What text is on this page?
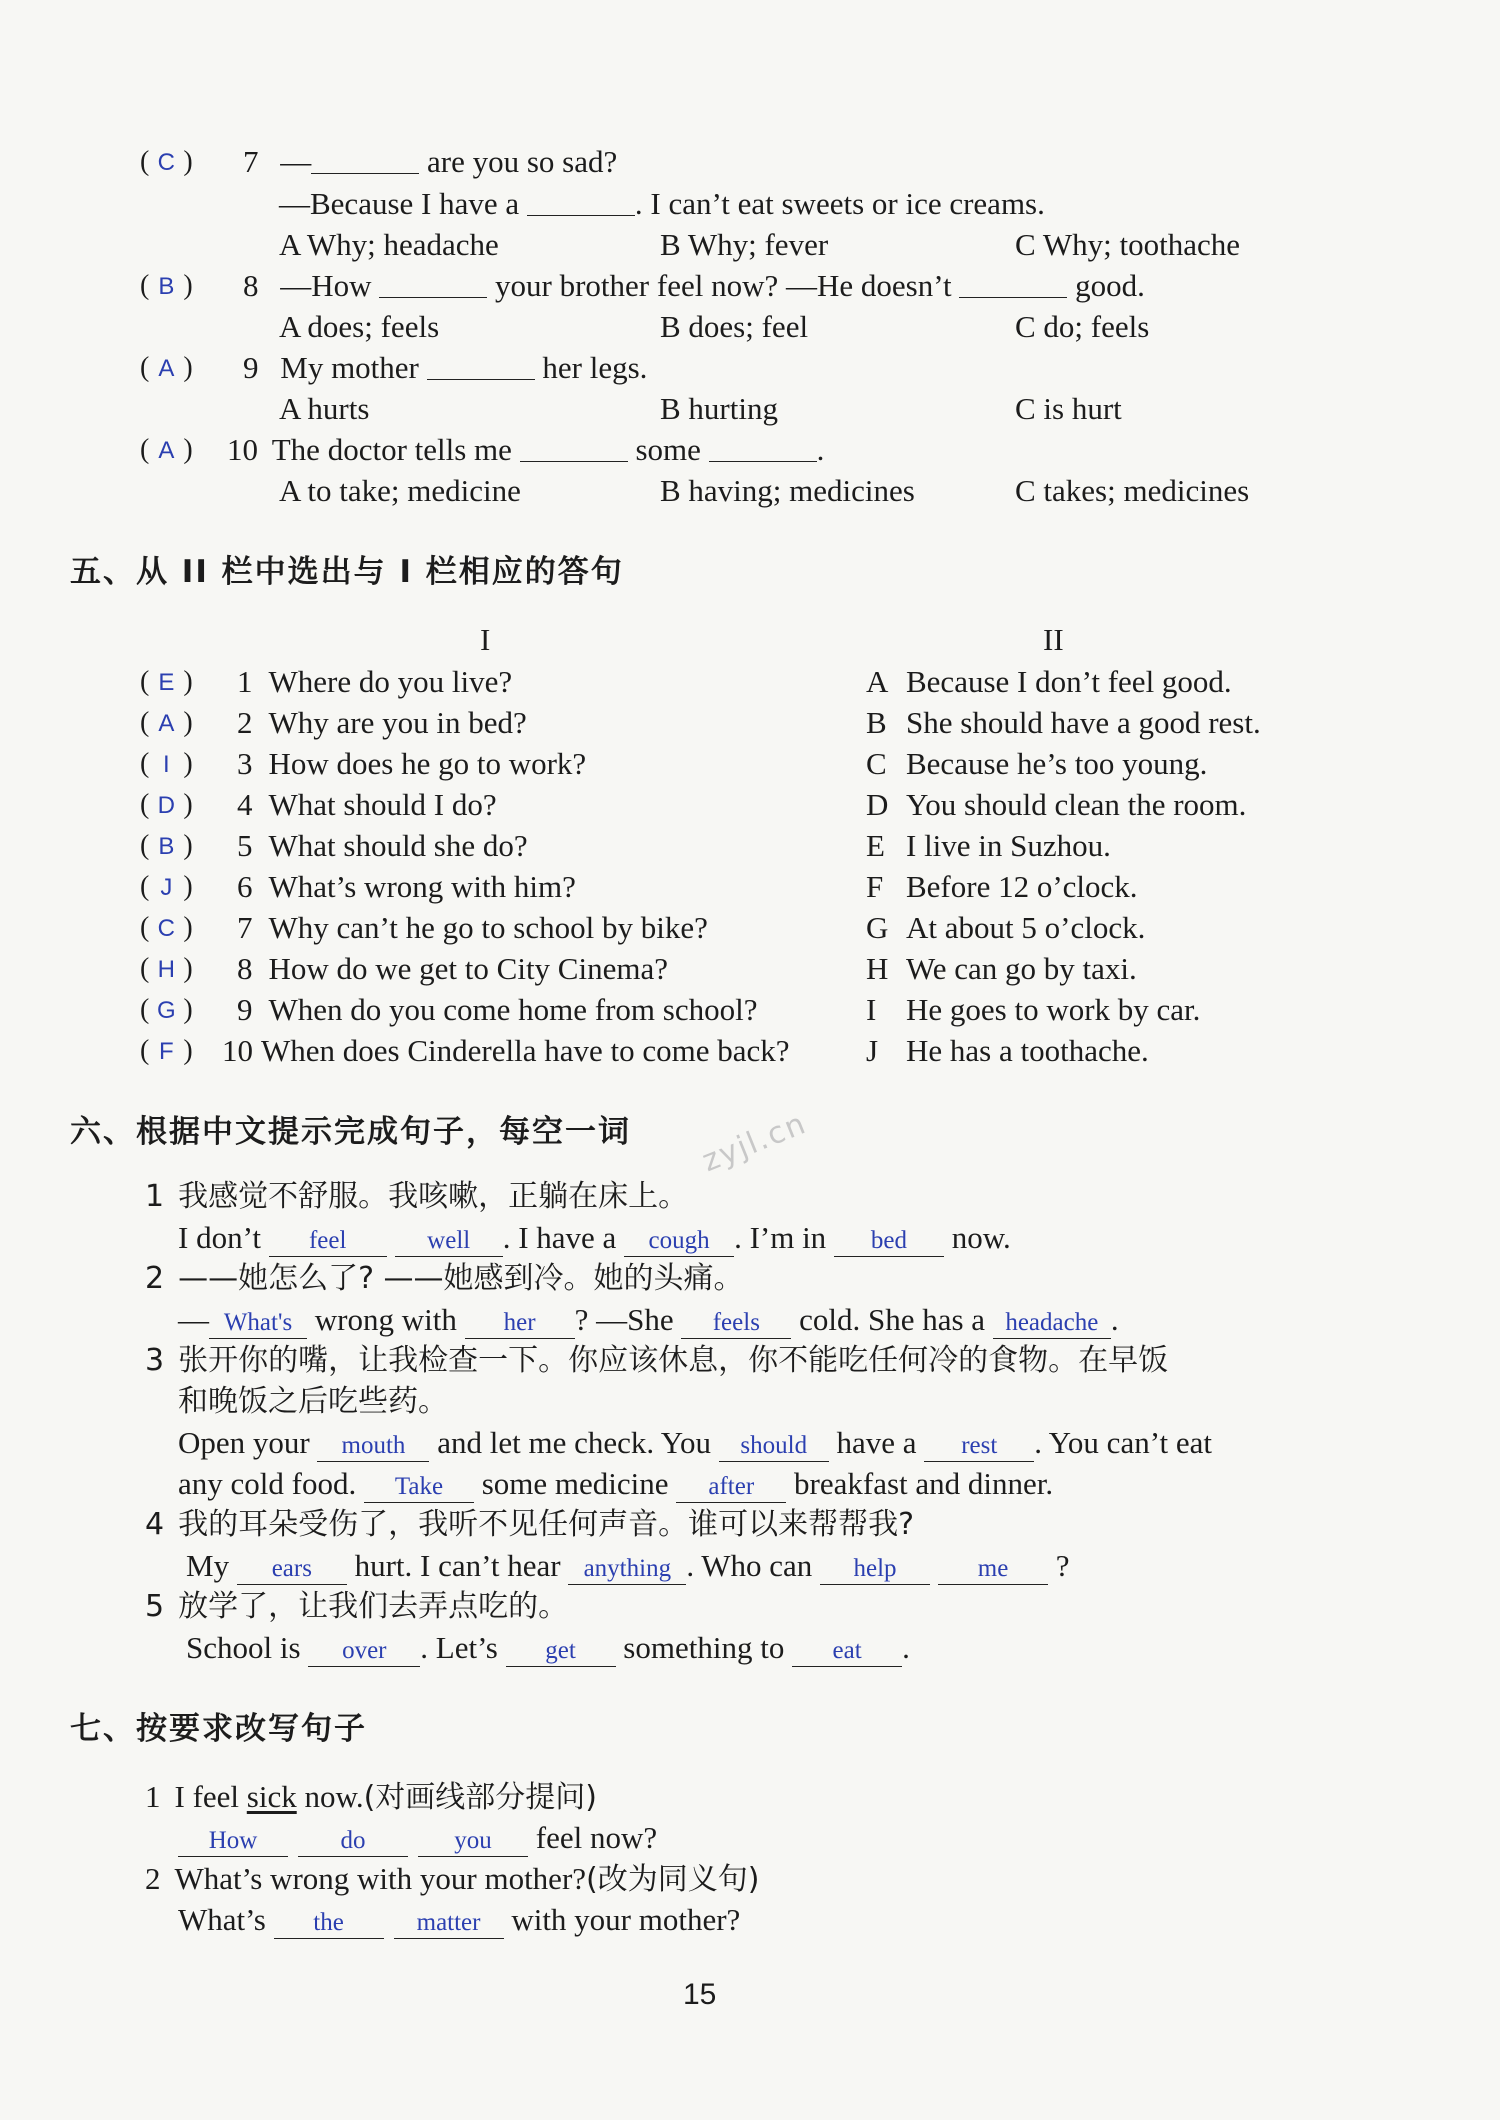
( C ) 7 —	are you so sad?
—Because I have a	. I can’t eat sweets or ice creams.
A Why; headache	B Why; fever	C Why; toothache
( B ) 8 —How	your brother feel now? —He doesn’t	good.
A does; feels	B does; feel	C do; feels
( A ) 9 My mother	her legs.
A hurts	B hurting	C is hurt
( A ) 10 The doctor tells me	some	.
A to take; medicine	B having; medicines	C takes; medicines
五、从 II 栏中选出与 I 栏相应的答句
I	II
( E ) 1 Where do you live?	A Because I don’t feel good.
( A ) 2 Why are you in bed?	B She should have a good rest.
( I ) 3 How does he go to work?	C Because he’s too young.
( D ) 4 What should I do?	D You should clean the room.
( B ) 5 What should she do?	E I live in Suzhou.
( J ) 6 What’s wrong with him?	F Before 12 o’clock.
( C ) 7 Why can’t he go to school by bike?	G At about 5 o’clock.
( H ) 8 How do we get to City Cinema?	H We can go by taxi.
( G ) 9 When do you come home from school?	I He goes to work by car.
( F ) 10 When does Cinderella have to come back? J He has a toothache.
六、根据中文提示完成句子，每空一词 zyjl.cn
1 我感觉不舒服。我咳嗽，正躺在床上。
I don’t feel	well . I have a cough . I’m in bed now.
2 ——她怎么了? ——她感到冷。她的头痛。
— What's wrong with her ? —She feels cold. She has a headache .
3 张开你的嘴，让我检查一下。你应该休息，你不能吃任何冷的食物。在早饭
和晚饭之后吃些药。
Open your mouth and let me check. You should have a rest . You can’t eat
any cold food. Take some medicine after breakfast and dinner.
4 我的耳朵受伤了，我听不见任何声音。谁可以来帮帮我?
My ears hurt. I can’t hear anything . Who can help	me ?
5 放学了，让我们去弄点吃的。
School is over . Let’s get something to eat .
七、按要求改写句子
1 I feel sick now.(对画线部分提问)
How	do	you feel now?
2 What’s wrong with your mother?(改为同义句)
What’s the	matter with your mother?
15
